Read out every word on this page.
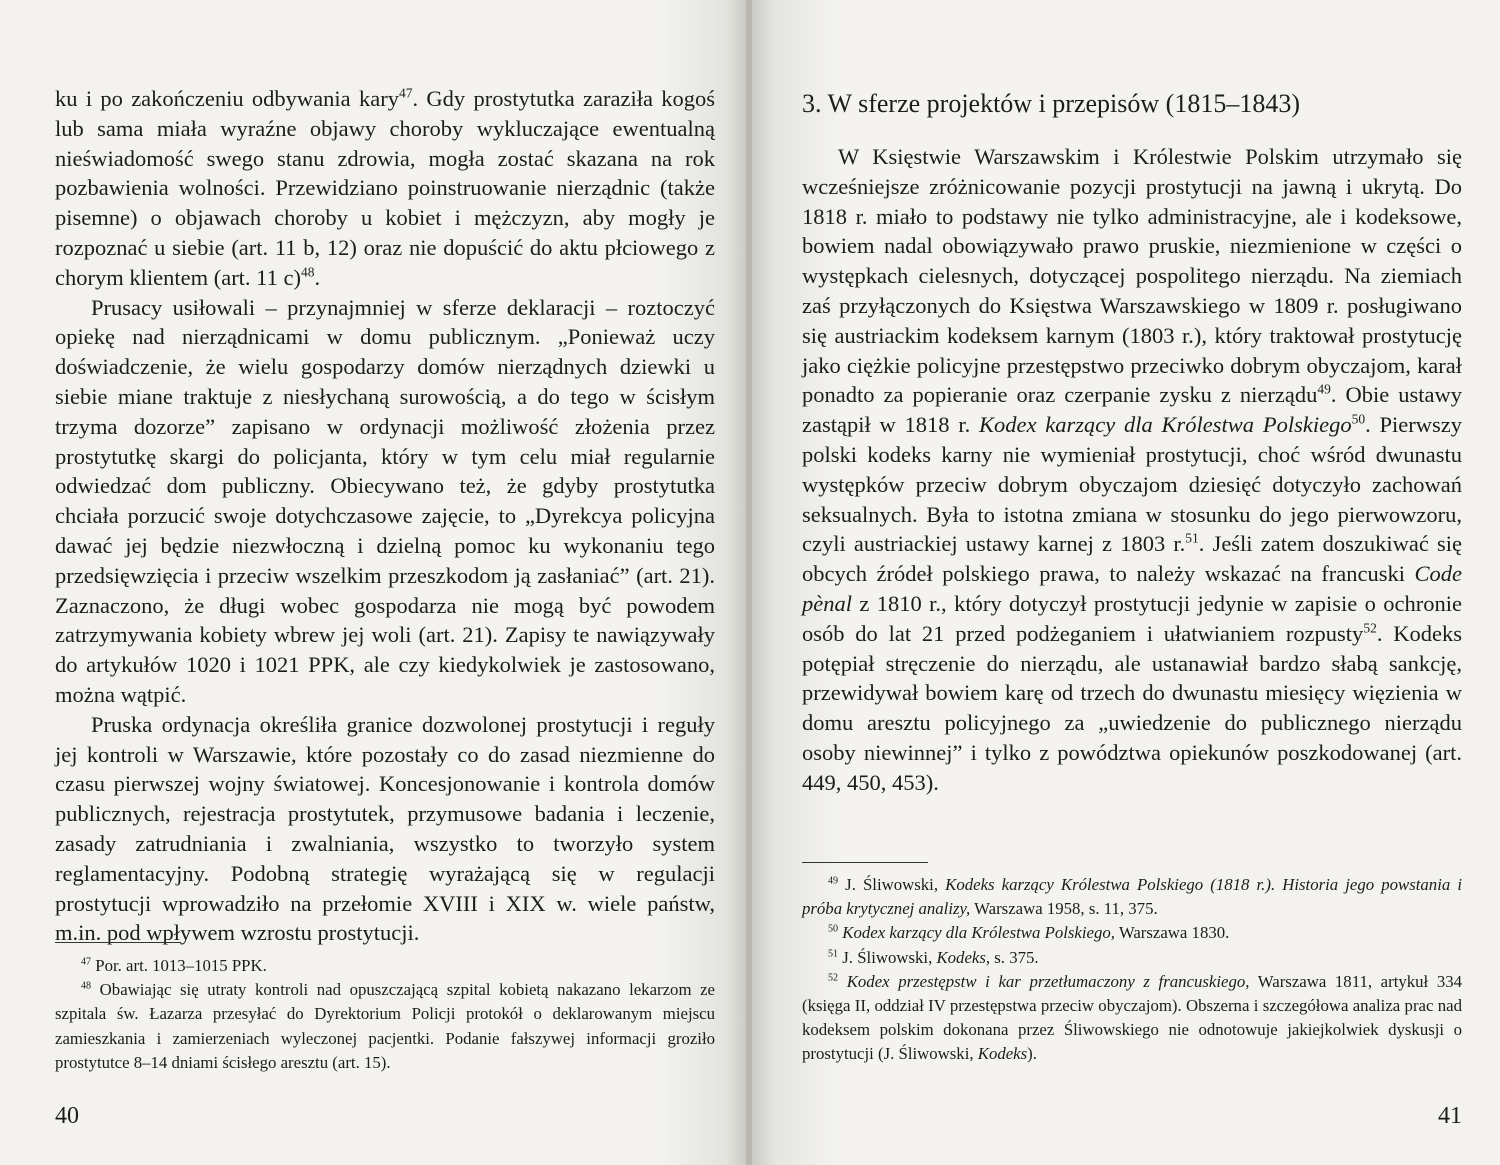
ku i po zakończeniu odbywania kary$^{47}$. Gdy prostytutka zaraziła kogoś lub sama miała wyraźne objawy choroby wykluczające ewentualną nieświadomość swego stanu zdrowia, mogła zostać skazana na rok pozbawienia wolności. Przewidziano poinstruowanie nierządnic (także pisemne) o objawach choroby u kobiet i mężczyzn, aby mogły je rozpoznać u siebie (art. 11 b, 12) oraz nie dopuścić do aktu płciowego z chorym klientem (art. 11 c)$^{48}$.

Prusacy usiłowali – przynajmniej w sferze deklaracji – roztoczyć opiekę nad nierządnicami w domu publicznym. „Ponieważ uczy doświadczenie, że wielu gospodarzy domów nierządnych dziewki u siebie miane traktuje z niesłychaną surowością, a do tego w ścisłym trzyma dozorze” zapisano w ordynacji możliwość złożenia przez prostytutkę skargi do policjanta, który w tym celu miał regularnie odwiedzać dom publiczny. Obiecywano też, że gdyby prostytutka chciała porzucić swoje dotychczasowe zajęcie, to „Dyrekcya policyjna dawać jej będzie niezwłoczną i dzielną pomoc ku wykonaniu tego przedsięwzięcia i przeciw wszelkim przeszkodom ją zasłaniać” (art. 21). Zaznaczono, że długi wobec gospodarza nie mogą być powodem zatrzymywania kobiety wbrew jej woli (art. 21). Zapisy te nawiązywały do artykułów 1020 i 1021 PPK, ale czy kiedykolwiek je zastosowano, można wątpić.

Pruska ordynacja określiła granice dozwolonej prostytucji i reguły jej kontroli w Warszawie, które pozostały co do zasad niezmienne do czasu pierwszej wojny światowej. Koncesjonowanie i kontrola domów publicznych, rejestracja prostytutek, przymusowe badania i leczenie, zasady zatrudniania i zwalniania, wszystko to tworzyło system reglamentacyjny. Podobną strategię wyrażającą się w regulacji prostytucji wprowadziło na przełomie XVIII i XIX w. wiele państw, m.in. pod wpływem wzrostu prostytucji.

$^{47}$ Por. art. 1013–1015 PPK.

$^{48}$ Obawiając się utraty kontroli nad opuszczającą szpital kobietą nakazano lekarzom ze szpitala św. Łazarza przesyłać do Dyrektorium Policji protokół o deklarowanym miejscu zamieszkania i zamierzeniach wyleczonej pacjentki. Podanie fałszywej informacji groziło prostytutce 8–14 dniami ścisłego aresztu (art. 15).

40
3. W sferze projektów i przepisów (1815–1843)

W Księstwie Warszawskim i Królestwie Polskim utrzymało się wcześniejsze zróżnicowanie pozycji prostytucji na jawną i ukrytą. Do 1818 r. miało to podstawy nie tylko administracyjne, ale i kodeksowe, bowiem nadal obowiązywało prawo pruskie, niezmienione w części o występkach cielesnych, dotyczącej pospolitego nierządu. Na ziemiach zaś przyłączonych do Księstwa Warszawskiego w 1809 r. posługiwano się austriackim kodeksem karnym (1803 r.), który traktował prostytucję jako ciężkie policyjne przestępstwo przeciwko dobrym obyczajom, karał ponadto za popieranie oraz czerpanie zysku z nierządu$^{49}$. Obie ustawy zastąpił w 1818 r. Kodex karzący dla Królestwa Polskiego$^{50}$. Pierwszy polski kodeks karny nie wymieniał prostytucji, choć wśród dwunastu występków przeciw dobrym obyczajom dziesięć dotyczyło zachowań seksualnych. Była to istotna zmiana w stosunku do jego pierwowzoru, czyli austriackiej ustawy karnej z 1803 r.$^{51}$. Jeśli zatem doszukiwać się obcych źródeł polskiego prawa, to należy wskazać na francuski Code pènal z 1810 r., który dotyczył prostytucji jedynie w zapisie o ochronie osób do lat 21 przed podżeganiem i ułatwianiem rozpusty$^{52}$. Kodeks potępiał stręczenie do nierządu, ale ustanawiał bardzo słabą sankcję, przewidywał bowiem karę od trzech do dwunastu miesięcy więzienia w domu aresztu policyjnego za „uwiedzenie do publicznego nierządu osoby niewinnej” i tylko z powództwa opiekunów poszkodowanej (art. 449, 450, 453).

$^{49}$ J. Śliwowski, Kodeks karzący Królestwa Polskiego (1818 r.). Historia jego powstania i próba krytycznej analizy, Warszawa 1958, s. 11, 375.

$^{50}$ Kodex karzący dla Królestwa Polskiego, Warszawa 1830.

$^{51}$ J. Śliwowski, Kodeks, s. 375.

$^{52}$ Kodex przestępstw i kar przetłumaczony z francuskiego, Warszawa 1811, artykuł 334 (księga II, oddział IV przestępstwa przeciw obyczajom). Obszerna i szczegółowa analiza prac nad kodeksem polskim dokonana przez Śliwowskiego nie odnotowuje jakiejkolwiek dyskusji o prostytucji (J. Śliwowski, Kodeks).

41
